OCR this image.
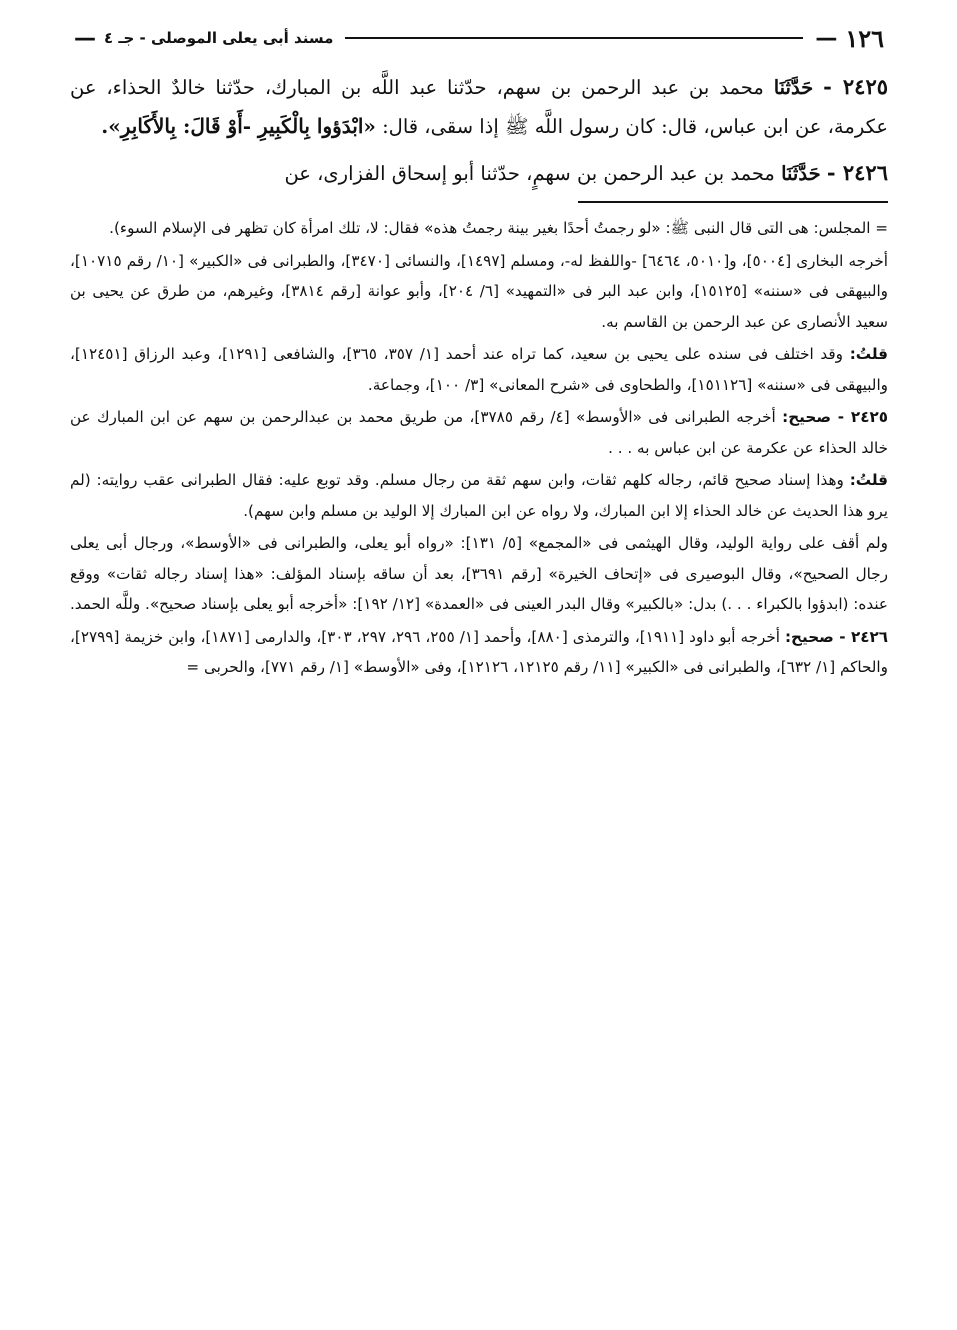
١٢٦
—
مسند أبى يعلى الموصلى - جـ ٤
—

٢٤٢٥ - حَدَّثَنَا محمد بن عبد الرحمن بن سهم، حدّثنا عبد اللَّه بن المبارك، حدّثنا خالدٌ الحذاء، عن عكرمة، عن ابن عباس، قال: كان رسول اللَّه ﷺ إذا سقى، قال: «ابْدَؤوا بِالْكَبِيرِ -أَوْ قَالَ: بِالأَكَابِرِ».

٢٤٢٦ - حَدَّثَنَا محمد بن عبد الرحمن بن سهمٍ، حدّثنا أبو إسحاق الفزارى، عن

= المجلس: هى التى قال النبى ﷺ: «لو رجمتُ أحدًا بغير بينة رجمتُ هذه» فقال: لا، تلك امرأة كان تظهر فى الإسلام السوء).

أخرجه البخارى [٥٠٠٤]، و[٥٠١٠، ٦٤٦٤] -واللفظ له-، ومسلم [١٤٩٧]، والنسائى [٣٤٧٠]، والطبرانى فى «الكبير» [١٠/ رقم ١٠٧١٥]، والبيهقى فى «سننه» [١٥١٢٥]، وابن عبد البر فى «التمهيد» [٦/ ٢٠٤]، وأبو عوانة [رقم ٣٨١٤]، وغيرهم، من طرق عن يحيى بن سعيد الأنصارى عن عبد الرحمن بن القاسم به.

قلتُ: وقد اختلف فى سنده على يحيى بن سعيد، كما تراه عند أحمد [١/ ٣٥٧، ٣٦٥]، والشافعى [١٢٩١]، وعبد الرزاق [١٢٤٥١]، والبيهقى فى «سننه» [١٥١١٢٦]، والطحاوى فى «شرح المعانى» [٣/ ١٠٠]، وجماعة.

٢٤٢٥ - صحيح: أخرجه الطبرانى فى «الأوسط» [٤/ رقم ٣٧٨٥]، من طريق محمد بن عبدالرحمن بن سهم عن ابن المبارك عن خالد الحذاء عن عكرمة عن ابن عباس به . . .

قلتُ: وهذا إسناد صحيح قائم، رجاله كلهم ثقات، وابن سهم ثقة من رجال مسلم. وقد توبع عليه: فقال الطبرانى عقب روايته: (لم يرو هذا الحديث عن خالد الحذاء إلا ابن المبارك، ولا رواه عن ابن المبارك إلا الوليد بن مسلم وابن سهم).

ولم أقف على رواية الوليد، وقال الهيثمى فى «المجمع» [٥/ ١٣١]: «رواه أبو يعلى، والطبرانى فى «الأوسط»، ورجال أبى يعلى رجال الصحيح»، وقال البوصيرى فى «إتحاف الخيرة» [رقم ٣٦٩١]، بعد أن ساقه بإسناد المؤلف: «هذا إسناد رجاله ثقات» ووقع عنده: (ابدؤوا بالكبراء . . .) بدل: «بالكبير» وقال البدر العينى فى «العمدة» [١٢/ ١٩٢]: «أخرجه أبو يعلى بإسناد صحيح». وللَّه الحمد.

٢٤٢٦ - صحيح: أخرجه أبو داود [١٩١١]، والترمذى [٨٨٠]، وأحمد [١/ ٢٥٥، ٢٩٦، ٢٩٧، ٣٠٣]، والدارمى [١٨٧١]، وابن خزيمة [٢٧٩٩]، والحاكم [١/ ٦٣٢]، والطبرانى فى «الكبير» [١١/ رقم ١٢١٢٥، ١٢١٢٦]، وفى «الأوسط» [١/ رقم ٧٧١]، والحربى =
